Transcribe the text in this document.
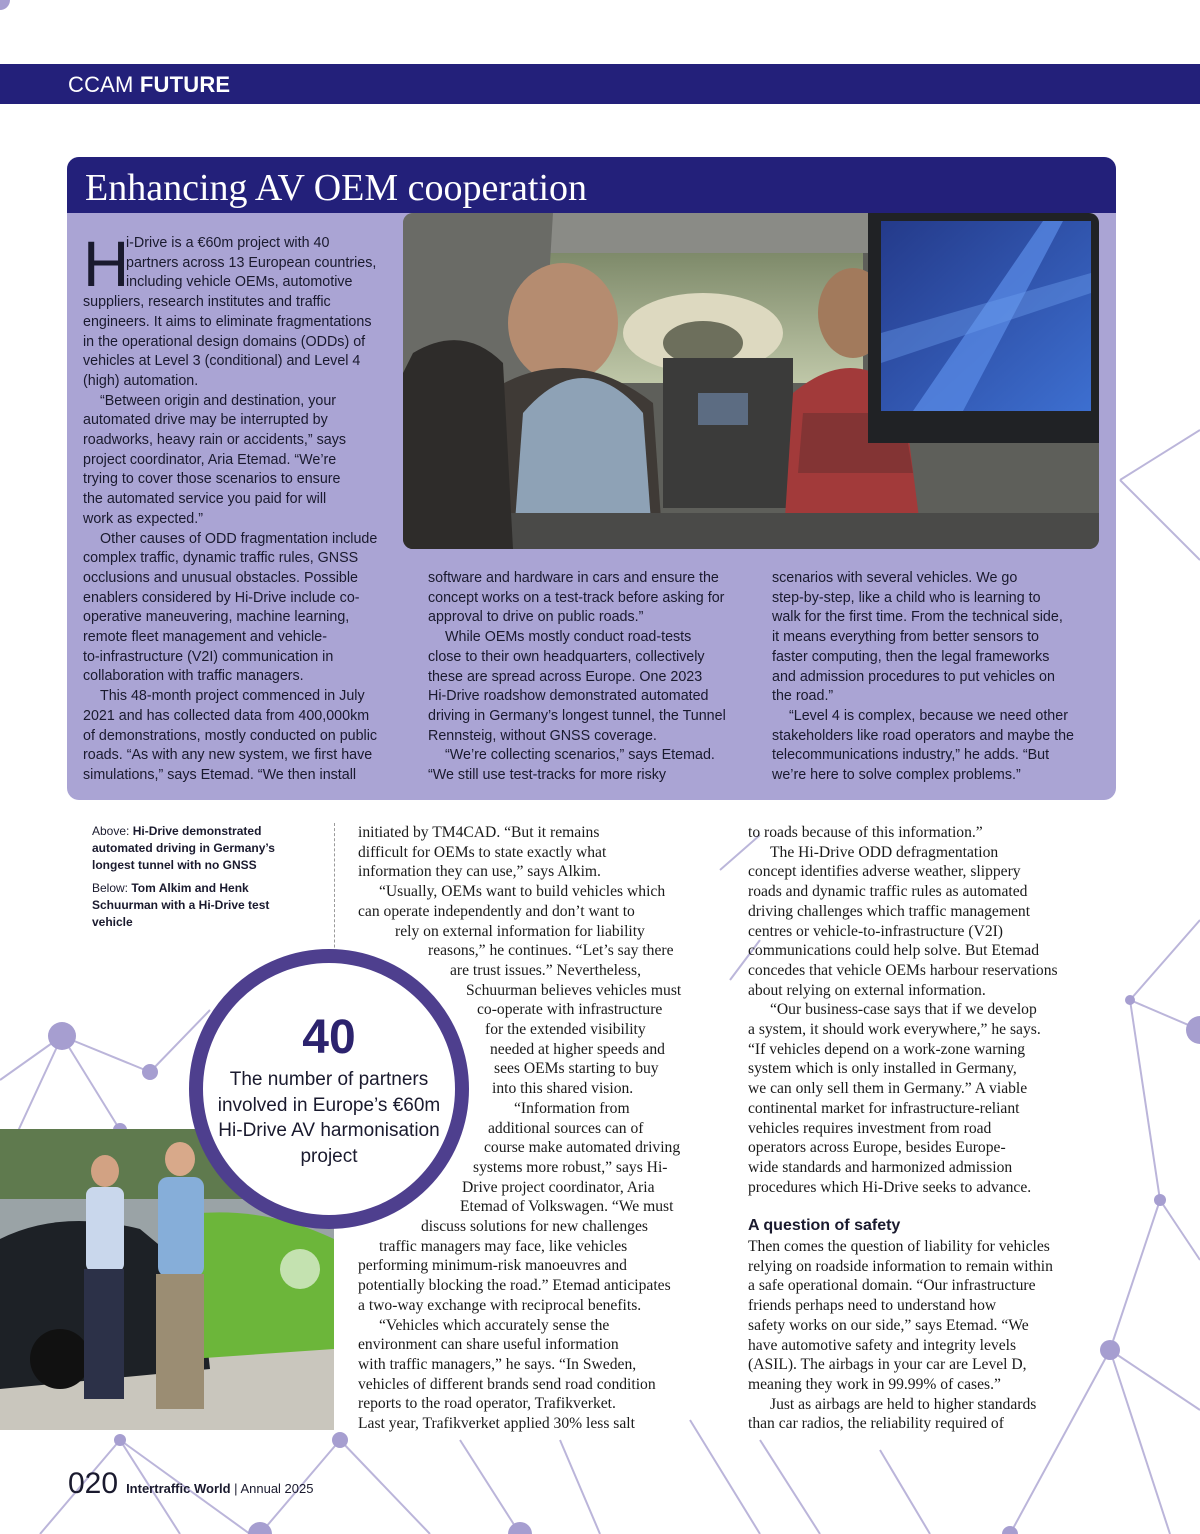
CCAM FUTURE
Enhancing AV OEM cooperation
H
i-Drive is a €60m project with 40
partners across 13 European countries,
including vehicle OEMs, automotive
suppliers, research institutes and traffic
engineers. It aims to eliminate fragmentations
in the operational design domains (ODDs) of
vehicles at Level 3 (conditional) and Level 4
(high) automation.
“Between origin and destination, your
automated drive may be interrupted by
roadworks, heavy rain or accidents,” says
project coordinator, Aria Etemad. “We’re
trying to cover those scenarios to ensure
the automated service you paid for will
work as expected.”
Other causes of ODD fragmentation include
complex traffic, dynamic traffic rules, GNSS
occlusions and unusual obstacles. Possible
enablers considered by Hi-Drive include co-
operative maneuvering, machine learning,
remote fleet management and vehicle-
to-infrastructure (V2I) communication in
collaboration with traffic managers.
This 48-month project commenced in July
2021 and has collected data from 400,000km
of demonstrations, mostly conducted on public
roads. “As with any new system, we first have
simulations,” says Etemad. “We then install
software and hardware in cars and ensure the
concept works on a test-track before asking for
approval to drive on public roads.”
While OEMs mostly conduct road-tests
close to their own headquarters, collectively
these are spread across Europe. One 2023
Hi-Drive roadshow demonstrated automated
driving in Germany’s longest tunnel, the Tunnel
Rennsteig, without GNSS coverage.
“We’re collecting scenarios,” says Etemad.
“We still use test-tracks for more risky
scenarios with several vehicles. We go
step-by-step, like a child who is learning to
walk for the first time. From the technical side,
it means everything from better sensors to
faster computing, then the legal frameworks
and admission procedures to put vehicles on
the road.”
“Level 4 is complex, because we need other
stakeholders like road operators and maybe the
telecommunications industry,” he adds. “But
we’re here to solve complex problems.”

Above: Hi-Drive demonstrated automated driving in Germany’s longest tunnel with no GNSS

Below: Tom Alkim and Henk Schuurman with a Hi-Drive test vehicle

40
The number of partners involved in Europe’s €60m Hi-Drive AV harmonisation project
initiated by TM4CAD. “But it remains
difficult for OEMs to state exactly what
information they can use,” says Alkim.
“Usually, OEMs want to build vehicles which
can operate independently and don’t want to
rely on external information for liability
reasons,” he continues. “Let’s say there
are trust issues.” Nevertheless,
Schuurman believes vehicles must
co-operate with infrastructure
for the extended visibility
needed at higher speeds and
sees OEMs starting to buy
into this shared vision.
“Information from
additional sources can of
course make automated driving
systems more robust,” says Hi-
Drive project coordinator, Aria
Etemad of Volkswagen. “We must
discuss solutions for new challenges
traffic managers may face, like vehicles
performing minimum-risk manoeuvres and
potentially blocking the road.” Etemad anticipates
a two-way exchange with reciprocal benefits.
“Vehicles which accurately sense the
environment can share useful information
with traffic managers,” he says. “In Sweden,
vehicles of different brands send road condition
reports to the road operator, Trafikverket.
Last year, Trafikverket applied 30% less salt
to roads because of this information.”
The Hi-Drive ODD defragmentation
concept identifies adverse weather, slippery
roads and dynamic traffic rules as automated
driving challenges which traffic management
centres or vehicle-to-infrastructure (V2I)
communications could help solve. But Etemad
concedes that vehicle OEMs harbour reservations
about relying on external information.
“Our business-case says that if we develop
a system, it should work everywhere,” he says.
“If vehicles depend on a work-zone warning
system which is only installed in Germany,
we can only sell them in Germany.” A viable
continental market for infrastructure-reliant
vehicles requires investment from road
operators across Europe, besides Europe-
wide standards and harmonized admission
procedures which Hi-Drive seeks to advance.
A question of safety
Then comes the question of liability for vehicles
relying on roadside information to remain within
a safe operational domain. “Our infrastructure
friends perhaps need to understand how
safety works on our side,” says Etemad. “We
have automotive safety and integrity levels
(ASIL). The airbags in your car are Level D,
meaning they work in 99.99% of cases.”
Just as airbags are held to higher standards
than car radios, the reliability required of
020 Intertraffic World | Annual 2025
